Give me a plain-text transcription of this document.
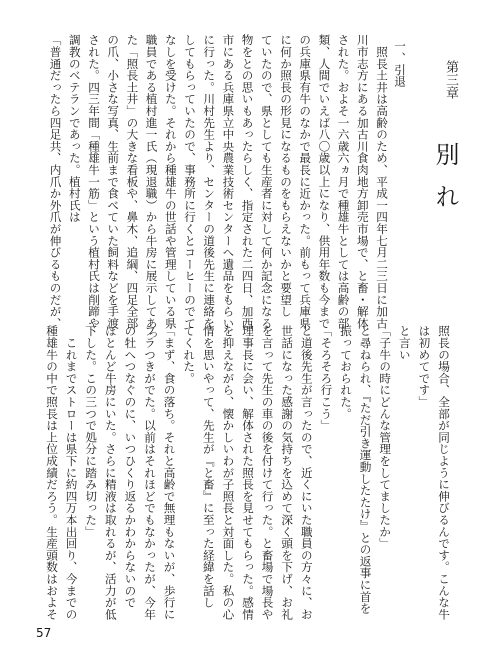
第三章
別れ
一、引退
　照長土井は高齢のため、平成一四年七月二三日に加古
川市志方にある加古川食肉地方卸売市場で、と畜・解体
された。およそ一六歳六ヵ月で種雄牛としては高齢の部
類、人間でいえば八〇歳以上になり、供用年数も今まで
の兵庫県有牛のなかで最長に近かった。前もって兵庫県
に何か照長の形見になるものをもらえないかと要望し
ていたので、県としても生産者に対して何か記念になる
物をとの思いもあったらしく、指定された二四日、加西
市にある兵庫県立中央農業技術センターへ遺品をもらい
に行った。川村先生より、センターの道後先生に連絡を
してもらっていたので、事務所に行くとコーヒーのでて
なしを受けた。それから種雄牛の世話や管理している県
職員である植村進一氏（現退職）から牛房に展示してあっ
た「照長土井」の大きな看板や、鼻木、追綱、四足全部
の爪、小さな写真、生前まで食べていた飼料などを手渡
された。四三年間「種雄牛一筋」という植村氏は削蹄や
調教のベテランであった。植村氏は
「普通だったら四足共、内爪か外爪が伸びるものだが、
照長の場合、全部が同じように伸びるんです。こんな牛
は初めてです」
と言い
「子牛の時にどんな管理をしてましたか」
と尋ねられ、『ただ引き運動したたけ』との返事に首を
振っておられた。
「そろそろ行こう」
と道後先生が言ったので、近くにいた職員の方々に、お
世話になった感謝の気持ちを込めて深く頭を下げ、お礼
を言って先生の車の後を付けて行った。と畜場で場長や
理事長に会い、解体された照長を見せてもらった。感情
を抑えながら、懐かしいわが子照長と対面した。私の心
情を思いやって、先生が『と畜』に至った経緯を話し
てくれた。
「まず、食の落ち。それと高齢で無理もないが、歩行に
フラつきがでた。以前はそれほどでもなかったが、今年
の牡へつなぐのに、いつひくり返るかわからないので
ほとんど牛房にいた。さらに精液は取れるが、活力が低
下した。この三つで処分に踏み切った」
　これまでストローは県下に約四万本出回り、今までの
種雄牛の中で照長は上位成績だろう。生産頭数はおよそ
57
